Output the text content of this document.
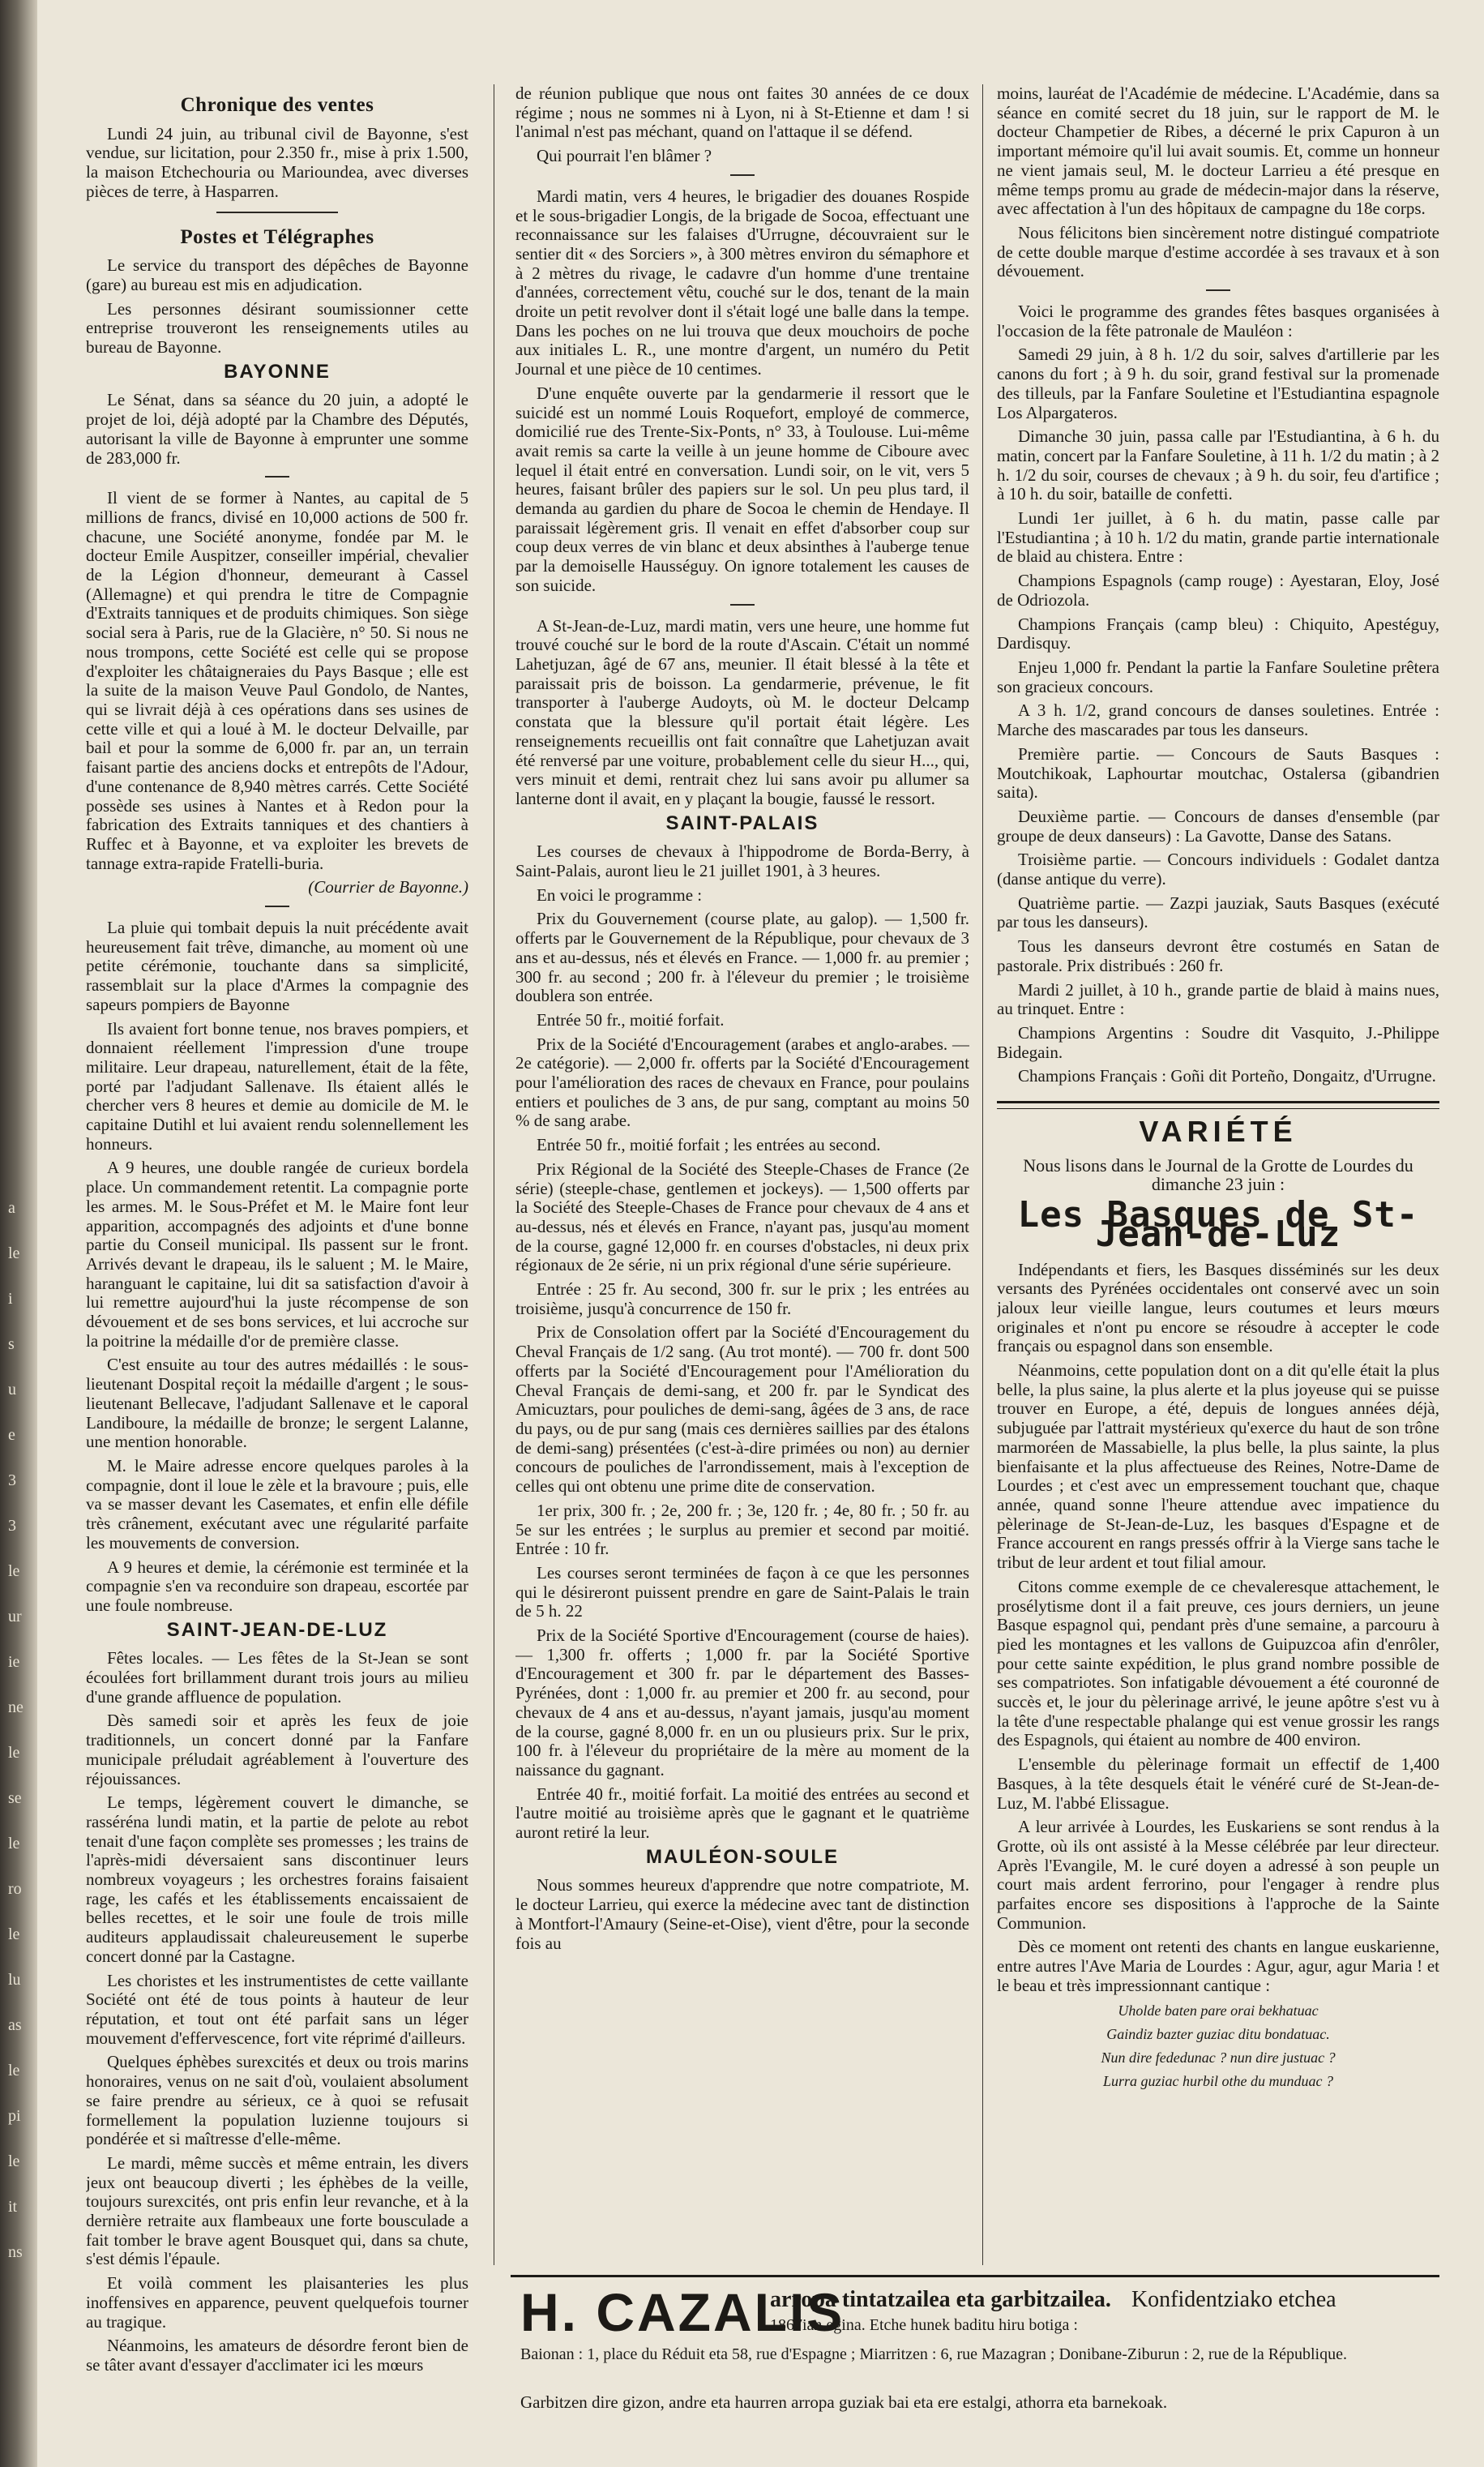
a
le
i
s
u
e
3
3
le
ur
ie
ne
le
se
le
ro
le
lu
as
le
pi
le
it
ns
Chronique des ventes

Lundi 24 juin, au tribunal civil de Bayonne, s'est vendue, sur licitation, pour 2.350 fr., mise à prix 1.500, la maison Etchechouria ou Marioundea, avec diverses pièces de terre, à Hasparren.

Postes et Télégraphes

Le service du transport des dépêches de Bayonne (gare) au bureau est mis en adjudication.

Les personnes désirant soumissionner cette entreprise trouveront les renseignements utiles au bureau de Bayonne.

BAYONNE

Le Sénat, dans sa séance du 20 juin, a adopté le projet de loi, déjà adopté par la Chambre des Députés, autorisant la ville de Bayonne à emprunter une somme de 283,000 fr.

Il vient de se former à Nantes, au capital de 5 millions de francs, divisé en 10,000 actions de 500 fr. chacune, une Société anonyme, fondée par M. le docteur Emile Auspitzer, conseiller impérial, chevalier de la Légion d'honneur, demeurant à Cassel (Allemagne) et qui prendra le titre de Compagnie d'Extraits tanniques et de produits chimiques. Son siège social sera à Paris, rue de la Glacière, n° 50. Si nous ne nous trompons, cette Société est celle qui se propose d'exploiter les châtaigneraies du Pays Basque ; elle est la suite de la maison Veuve Paul Gondolo, de Nantes, qui se livrait déjà à ces opérations dans ses usines de cette ville et qui a loué à M. le docteur Delvaille, par bail et pour la somme de 6,000 fr. par an, un terrain faisant partie des anciens docks et entrepôts de l'Adour, d'une contenance de 8,940 mètres carrés. Cette Société possède ses usines à Nantes et à Redon pour la fabrication des Extraits tanniques et des chantiers à Ruffec et à Bayonne, et va exploiter les brevets de tannage extra-rapide Fratelli-buria.

(Courrier de Bayonne.)

La pluie qui tombait depuis la nuit précédente avait heureusement fait trêve, dimanche, au moment où une petite cérémonie, touchante dans sa simplicité, rassemblait sur la place d'Armes la compagnie des sapeurs pompiers de Bayonne

Ils avaient fort bonne tenue, nos braves pompiers, et donnaient réellement l'impression d'une troupe militaire. Leur drapeau, naturellement, était de la fête, porté par l'adjudant Sallenave. Ils étaient allés le chercher vers 8 heures et demie au domicile de M. le capitaine Dutihl et lui avaient rendu solennellement les honneurs.

A 9 heures, une double rangée de curieux bordela place. Un commandement retentit. La compagnie porte les armes. M. le Sous-Préfet et M. le Maire font leur apparition, accompagnés des adjoints et d'une bonne partie du Conseil municipal. Ils passent sur le front. Arrivés devant le drapeau, ils le saluent ; M. le Maire, haranguant le capitaine, lui dit sa satisfaction d'avoir à lui remettre aujourd'hui la juste récompense de son dévouement et de ses bons services, et lui accroche sur la poitrine la médaille d'or de première classe.

C'est ensuite au tour des autres médaillés : le sous-lieutenant Dospital reçoit la médaille d'argent ; le sous-lieutenant Bellecave, l'adjudant Sallenave et le caporal Landiboure, la médaille de bronze; le sergent Lalanne, une mention honorable.

M. le Maire adresse encore quelques paroles à la compagnie, dont il loue le zèle et la bravoure ; puis, elle va se masser devant les Casemates, et enfin elle défile très crânement, exécutant avec une régularité parfaite les mouvements de conversion.

A 9 heures et demie, la cérémonie est terminée et la compagnie s'en va reconduire son drapeau, escortée par une foule nombreuse.

SAINT-JEAN-DE-LUZ

Fêtes locales. — Les fêtes de la St-Jean se sont écoulées fort brillamment durant trois jours au milieu d'une grande affluence de population.

Dès samedi soir et après les feux de joie traditionnels, un concert donné par la Fanfare municipale préludait agréablement à l'ouverture des réjouissances.

Le temps, légèrement couvert le dimanche, se rasséréna lundi matin, et la partie de pelote au rebot tenait d'une façon complète ses promesses ; les trains de l'après-midi déversaient sans discontinuer leurs nombreux voyageurs ; les orchestres forains faisaient rage, les cafés et les établissements encaissaient de belles recettes, et le soir une foule de trois mille auditeurs applaudissait chaleureusement le superbe concert donné par la Castagne.

Les choristes et les instrumentistes de cette vaillante Société ont été de tous points à hauteur de leur réputation, et tout ont été parfait sans un léger mouvement d'effervescence, fort vite réprimé d'ailleurs.

Quelques éphèbes surexcités et deux ou trois marins honoraires, venus on ne sait d'où, voulaient absolument se faire prendre au sérieux, ce à quoi se refusait formellement la population luzienne toujours si pondérée et si maîtresse d'elle-même.

Le mardi, même succès et même entrain, les divers jeux ont beaucoup diverti ; les éphèbes de la veille, toujours surexcités, ont pris enfin leur revanche, et à la dernière retraite aux flambeaux une forte bousculade a fait tomber le brave agent Bousquet qui, dans sa chute, s'est démis l'épaule.

Et voilà comment les plaisanteries les plus inoffensives en apparence, peuvent quelquefois tourner au tragique.

Néanmoins, les amateurs de désordre feront bien de se tâter avant d'essayer d'acclimater ici les mœurs

de réunion publique que nous ont faites 30 années de ce doux régime ; nous ne sommes ni à Lyon, ni à St-Etienne et dam ! si l'animal n'est pas méchant, quand on l'attaque il se défend.

Qui pourrait l'en blâmer ?

Mardi matin, vers 4 heures, le brigadier des douanes Rospide et le sous-brigadier Longis, de la brigade de Socoa, effectuant une reconnaissance sur les falaises d'Urrugne, découvraient sur le sentier dit « des Sorciers », à 300 mètres environ du sémaphore et à 2 mètres du rivage, le cadavre d'un homme d'une trentaine d'années, correctement vêtu, couché sur le dos, tenant de la main droite un petit revolver dont il s'était logé une balle dans la tempe. Dans les poches on ne lui trouva que deux mouchoirs de poche aux initiales L. R., une montre d'argent, un numéro du Petit Journal et une pièce de 10 centimes.

D'une enquête ouverte par la gendarmerie il ressort que le suicidé est un nommé Louis Roquefort, employé de commerce, domicilié rue des Trente-Six-Ponts, n° 33, à Toulouse. Lui-même avait remis sa carte la veille à un jeune homme de Ciboure avec lequel il était entré en conversation. Lundi soir, on le vit, vers 5 heures, faisant brûler des papiers sur le sol. Un peu plus tard, il demanda au gardien du phare de Socoa le chemin de Hendaye. Il paraissait légèrement gris. Il venait en effet d'absorber coup sur coup deux verres de vin blanc et deux absinthes à l'auberge tenue par la demoiselle Hausséguy. On ignore totalement les causes de son suicide.

A St-Jean-de-Luz, mardi matin, vers une heure, une homme fut trouvé couché sur le bord de la route d'Ascain. C'était un nommé Lahetjuzan, âgé de 67 ans, meunier. Il était blessé à la tête et paraissait pris de boisson. La gendarmerie, prévenue, le fit transporter à l'auberge Audoyts, où M. le docteur Delcamp constata que la blessure qu'il portait était légère. Les renseignements recueillis ont fait connaître que Lahetjuzan avait été renversé par une voiture, probablement celle du sieur H..., qui, vers minuit et demi, rentrait chez lui sans avoir pu allumer sa lanterne dont il avait, en y plaçant la bougie, faussé le ressort.

SAINT-PALAIS

Les courses de chevaux à l'hippodrome de Borda-Berry, à Saint-Palais, auront lieu le 21 juillet 1901, à 3 heures.

En voici le programme :

Prix du Gouvernement (course plate, au galop). — 1,500 fr. offerts par le Gouvernement de la République, pour chevaux de 3 ans et au-dessus, nés et élevés en France. — 1,000 fr. au premier ; 300 fr. au second ; 200 fr. à l'éleveur du premier ; le troisième doublera son entrée.

Entrée 50 fr., moitié forfait.

Prix de la Société d'Encouragement (arabes et anglo-arabes. — 2e catégorie). — 2,000 fr. offerts par la Société d'Encouragement pour l'amélioration des races de chevaux en France, pour poulains entiers et pouliches de 3 ans, de pur sang, comptant au moins 50 % de sang arabe.

Entrée 50 fr., moitié forfait ; les entrées au second.

Prix Régional de la Société des Steeple-Chases de France (2e série) (steeple-chase, gentlemen et jockeys). — 1,500 offerts par la Société des Steeple-Chases de France pour chevaux de 4 ans et au-dessus, nés et élevés en France, n'ayant pas, jusqu'au moment de la course, gagné 12,000 fr. en courses d'obstacles, ni deux prix régionaux de 2e série, ni un prix régional d'une série supérieure.

Entrée : 25 fr. Au second, 300 fr. sur le prix ; les entrées au troisième, jusqu'à concurrence de 150 fr.

Prix de Consolation offert par la Société d'Encouragement du Cheval Français de 1/2 sang. (Au trot monté). — 700 fr. dont 500 offerts par la Société d'Encouragement pour l'Amélioration du Cheval Français de demi-sang, et 200 fr. par le Syndicat des Amicuztars, pour pouliches de demi-sang, âgées de 3 ans, de race du pays, ou de pur sang (mais ces dernières saillies par des étalons de demi-sang) présentées (c'est-à-dire primées ou non) au dernier concours de pouliches de l'arrondissement, mais à l'exception de celles qui ont obtenu une prime dite de conservation.

1er prix, 300 fr. ; 2e, 200 fr. ; 3e, 120 fr. ; 4e, 80 fr. ; 50 fr. au 5e sur les entrées ; le surplus au premier et second par moitié. Entrée : 10 fr.

Les courses seront terminées de façon à ce que les personnes qui le désireront puissent prendre en gare de Saint-Palais le train de 5 h. 22

Prix de la Société Sportive d'Encouragement (course de haies). — 1,300 fr. offerts ; 1,000 fr. par la Société Sportive d'Encouragement et 300 fr. par le département des Basses-Pyrénées, dont : 1,000 fr. au premier et 200 fr. au second, pour chevaux de 4 ans et au-dessus, n'ayant jamais, jusqu'au moment de la course, gagné 8,000 fr. en un ou plusieurs prix. Sur le prix, 100 fr. à l'éleveur du propriétaire de la mère au moment de la naissance du gagnant.

Entrée 40 fr., moitié forfait. La moitié des entrées au second et l'autre moitié au troisième après que le gagnant et le quatrième auront retiré la leur.

MAULÉON-SOULE

Nous sommes heureux d'apprendre que notre compatriote, M. le docteur Larrieu, qui exerce la médecine avec tant de distinction à Montfort-l'Amaury (Seine-et-Oise), vient d'être, pour la seconde fois au

moins, lauréat de l'Académie de médecine. L'Académie, dans sa séance en comité secret du 18 juin, sur le rapport de M. le docteur Champetier de Ribes, a décerné le prix Capuron à un important mémoire qu'il lui avait soumis. Et, comme un honneur ne vient jamais seul, M. le docteur Larrieu a été presque en même temps promu au grade de médecin-major dans la réserve, avec affectation à l'un des hôpitaux de campagne du 18e corps.

Nous félicitons bien sincèrement notre distingué compatriote de cette double marque d'estime accordée à ses travaux et à son dévouement.

Voici le programme des grandes fêtes basques organisées à l'occasion de la fête patronale de Mauléon :

Samedi 29 juin, à 8 h. 1/2 du soir, salves d'artillerie par les canons du fort ; à 9 h. du soir, grand festival sur la promenade des tilleuls, par la Fanfare Souletine et l'Estudiantina espagnole Los Alpargateros.

Dimanche 30 juin, passa calle par l'Estudiantina, à 6 h. du matin, concert par la Fanfare Souletine, à 11 h. 1/2 du matin ; à 2 h. 1/2 du soir, courses de chevaux ; à 9 h. du soir, feu d'artifice ; à 10 h. du soir, bataille de confetti.

Lundi 1er juillet, à 6 h. du matin, passe calle par l'Estudiantina ; à 10 h. 1/2 du matin, grande partie internationale de blaid au chistera. Entre :

Champions Espagnols (camp rouge) : Ayestaran, Eloy, José de Odriozola.

Champions Français (camp bleu) : Chiquito, Apestéguy, Dardisquy.

Enjeu 1,000 fr. Pendant la partie la Fanfare Souletine prêtera son gracieux concours.

A 3 h. 1/2, grand concours de danses souletines. Entrée : Marche des mascarades par tous les danseurs.

Première partie. — Concours de Sauts Basques : Moutchikoak, Laphourtar moutchac, Ostalersa (gibandrien saita).

Deuxième partie. — Concours de danses d'ensemble (par groupe de deux danseurs) : La Gavotte, Danse des Satans.

Troisième partie. — Concours individuels : Godalet dantza (danse antique du verre).

Quatrième partie. — Zazpi jauziak, Sauts Basques (exécuté par tous les danseurs).

Tous les danseurs devront être costumés en Satan de pastorale. Prix distribués : 260 fr.

Mardi 2 juillet, à 10 h., grande partie de blaid à mains nues, au trinquet. Entre :

Champions Argentins : Soudre dit Vasquito, J.-Philippe Bidegain.

Champions Français : Goñi dit Porteño, Dongaitz, d'Urrugne.

VARIÉTÉ
Nous lisons dans le Journal de la Grotte de Lourdes du dimanche 23 juin :
Les Basques de St-Jean-de-Luz

Indépendants et fiers, les Basques disséminés sur les deux versants des Pyrénées occidentales ont conservé avec un soin jaloux leur vieille langue, leurs coutumes et leurs mœurs originales et n'ont pu encore se résoudre à accepter le code français ou espagnol dans son ensemble.

Néanmoins, cette population dont on a dit qu'elle était la plus belle, la plus saine, la plus alerte et la plus joyeuse qui se puisse trouver en Europe, a été, depuis de longues années déjà, subjuguée par l'attrait mystérieux qu'exerce du haut de son trône marmoréen de Massabielle, la plus belle, la plus sainte, la plus bienfaisante et la plus affectueuse des Reines, Notre-Dame de Lourdes ; et c'est avec un empressement touchant que, chaque année, quand sonne l'heure attendue avec impatience du pèlerinage de St-Jean-de-Luz, les basques d'Espagne et de France accourent en rangs pressés offrir à la Vierge sans tache le tribut de leur ardent et tout filial amour.

Citons comme exemple de ce chevaleresque attachement, le prosélytisme dont il a fait preuve, ces jours derniers, un jeune Basque espagnol qui, pendant près d'une semaine, a parcouru à pied les montagnes et les vallons de Guipuzcoa afin d'enrôler, pour cette sainte expédition, le plus grand nombre possible de ses compatriotes. Son infatigable dévouement a été couronné de succès et, le jour du pèlerinage arrivé, le jeune apôtre s'est vu à la tête d'une respectable phalange qui est venue grossir les rangs des Espagnols, qui étaient au nombre de 400 environ.

L'ensemble du pèlerinage formait un effectif de 1,400 Basques, à la tête desquels était le vénéré curé de St-Jean-de-Luz, M. l'abbé Elissague.

A leur arrivée à Lourdes, les Euskariens se sont rendus à la Grotte, où ils ont assisté à la Messe célébrée par leur directeur. Après l'Evangile, M. le curé doyen a adressé à son peuple un court mais ardent ferrorino, pour l'engager à rendre plus parfaites encore ses dispositions à l'approche de la Sainte Communion.

Dès ce moment ont retenti des chants en langue euskarienne, entre autres l'Ave Maria de Lourdes : Agur, agur, agur Maria ! et le beau et très impressionnant cantique :

Uholde baten pare orai bekhatuac
Gaindiz bazter guziac ditu bondatuac.
Nun dire fededunac ? nun dire justuac ?
Lurra guziac hurbil othe du munduac ?
H. CAZALIS
arropa tintatzailea eta garbitzailea. Konfidentziako etchea
1867ian egina. Etche hunek baditu hiru botiga :
Baionan : 1, place du Réduit eta 58, rue d'Espagne ; Miarritzen : 6, rue Mazagran ; Donibane-Ziburun : 2, rue de la République.
Garbitzen dire gizon, andre eta haurren arropa guziak bai eta ere estalgi, athorra eta barnekoak.
